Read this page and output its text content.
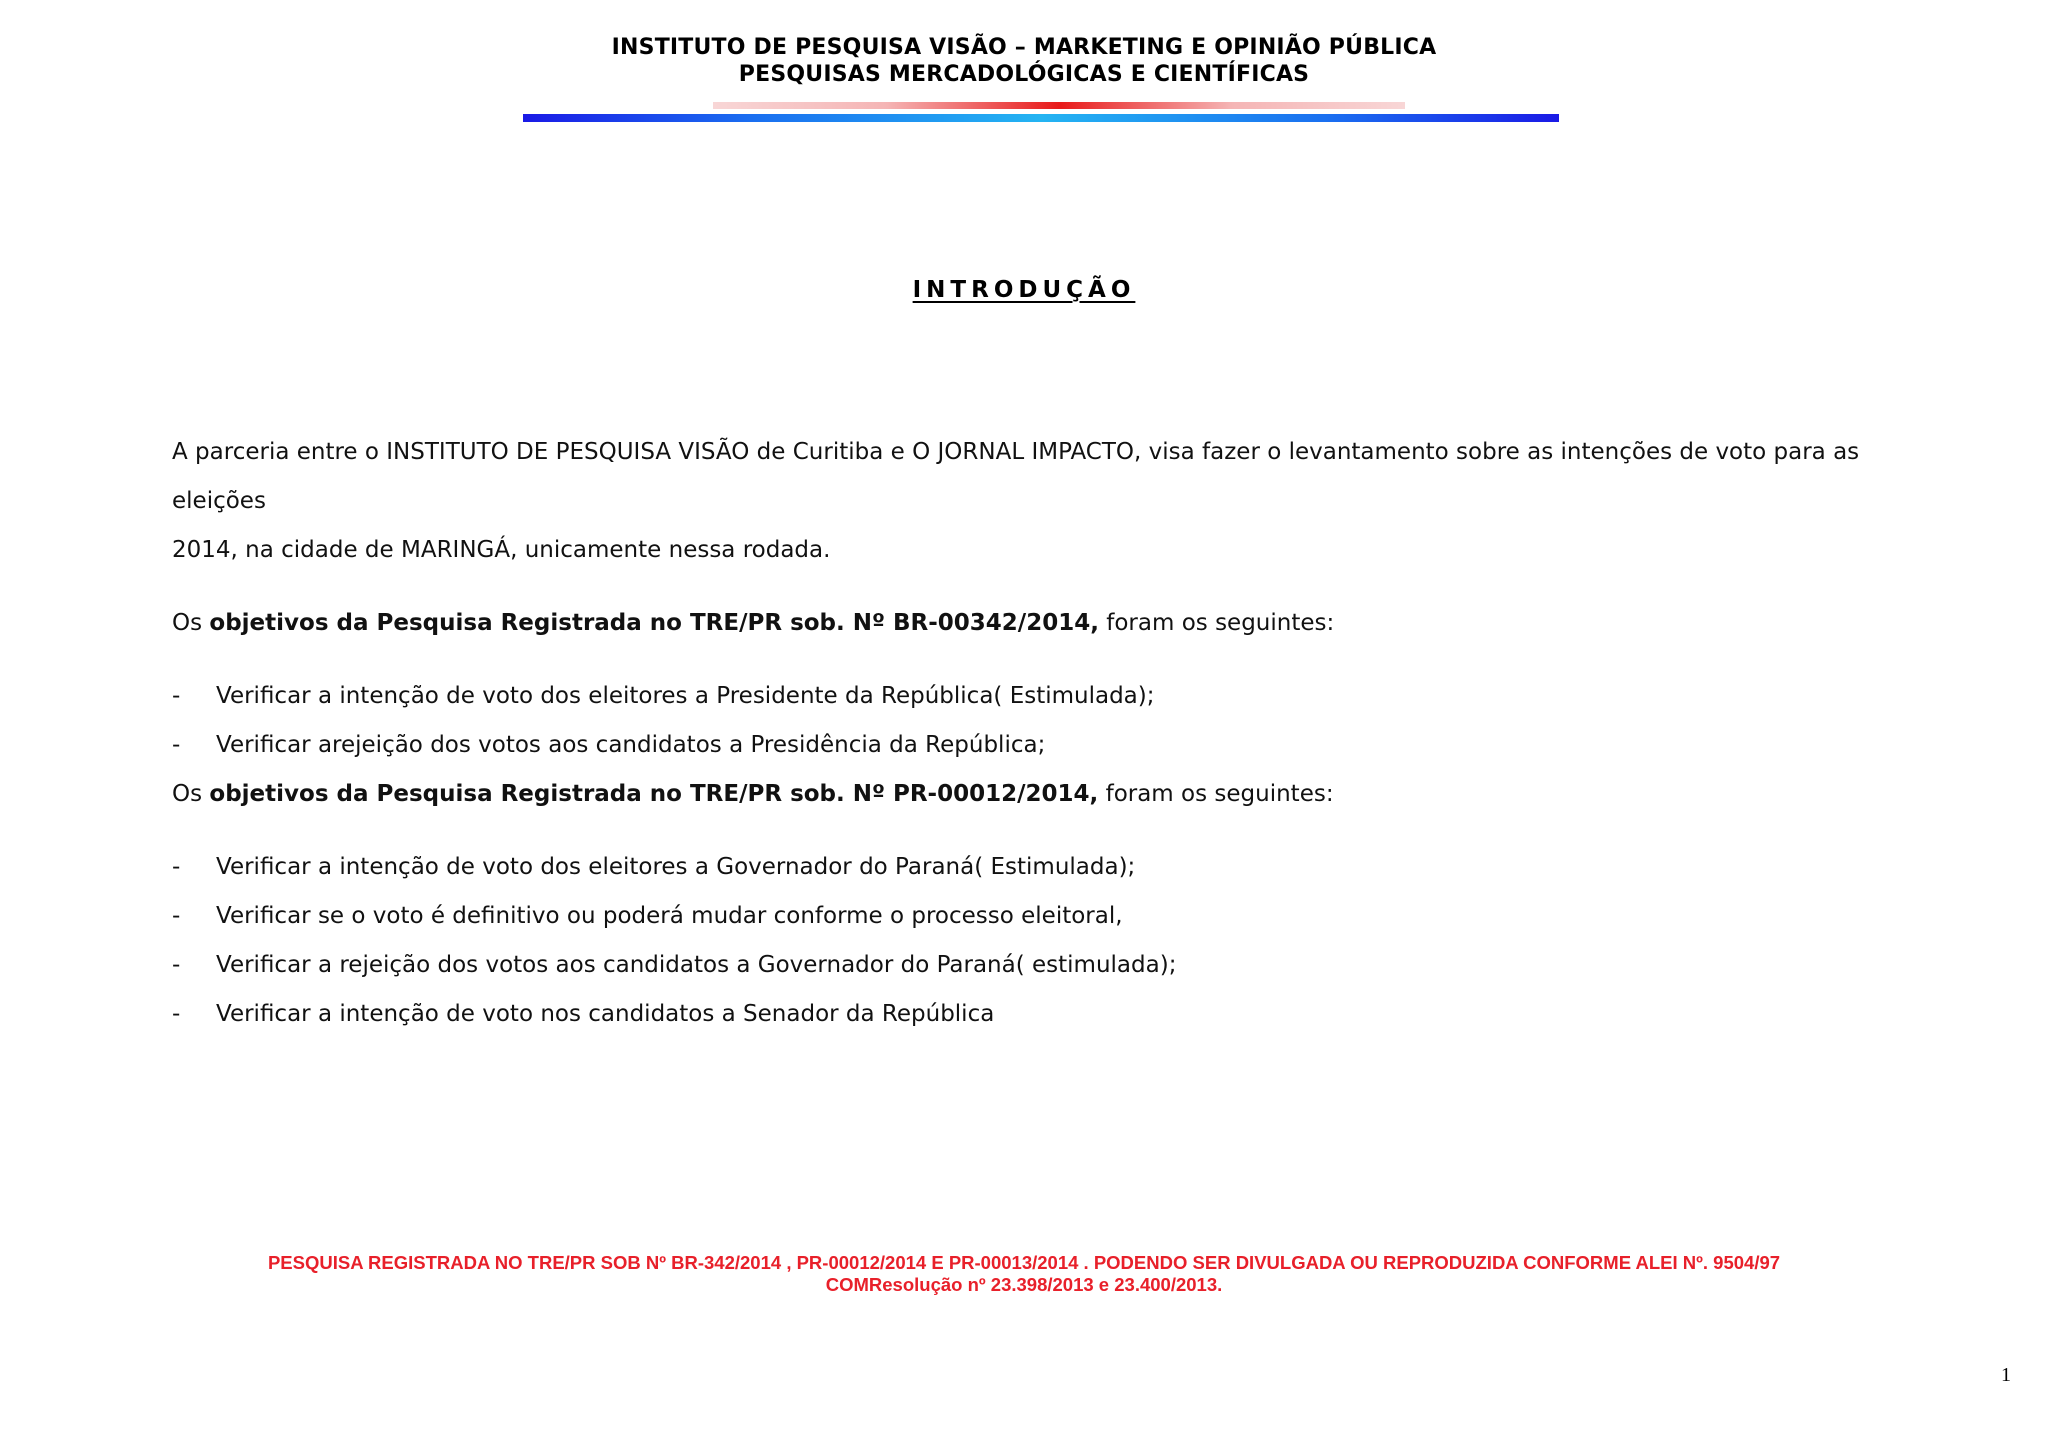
INSTITUTO DE PESQUISA VISÃO – MARKETING E OPINIÃO PÚBLICA
PESQUISAS MERCADOLÓGICAS E CIENTÍFICAS
INTRODUÇÃO

A parceria entre o INSTITUTO DE PESQUISA VISÃO de Curitiba e O JORNAL IMPACTO, visa fazer o levantamento sobre as intenções de voto para as eleições

2014, na cidade de MARINGÁ, unicamente nessa rodada.

Os objetivos da Pesquisa Registrada no TRE/PR sob. Nº BR-00342/2014, foram os seguintes:

-	Verificar a intenção de voto dos eleitores a Presidente da República( Estimulada);
-	Verificar arejeição dos votos aos candidatos a Presidência da República;

Os objetivos da Pesquisa Registrada no TRE/PR sob. Nº PR-00012/2014, foram os seguintes:

-	Verificar a intenção de voto dos eleitores a Governador do Paraná( Estimulada);
-	Verificar se o voto é definitivo ou poderá mudar conforme o processo eleitoral,
-	Verificar a rejeição dos votos aos candidatos a Governador do Paraná( estimulada);
-	Verificar a intenção de voto nos candidatos a Senador da República
PESQUISA REGISTRADA NO TRE/PR SOB Nº BR-342/2014 , PR-00012/2014 E PR-00013/2014 . PODENDO SER DIVULGADA OU REPRODUZIDA CONFORME ALEI Nº. 9504/97
COMResolução nº 23.398/2013 e 23.400/2013.
1
